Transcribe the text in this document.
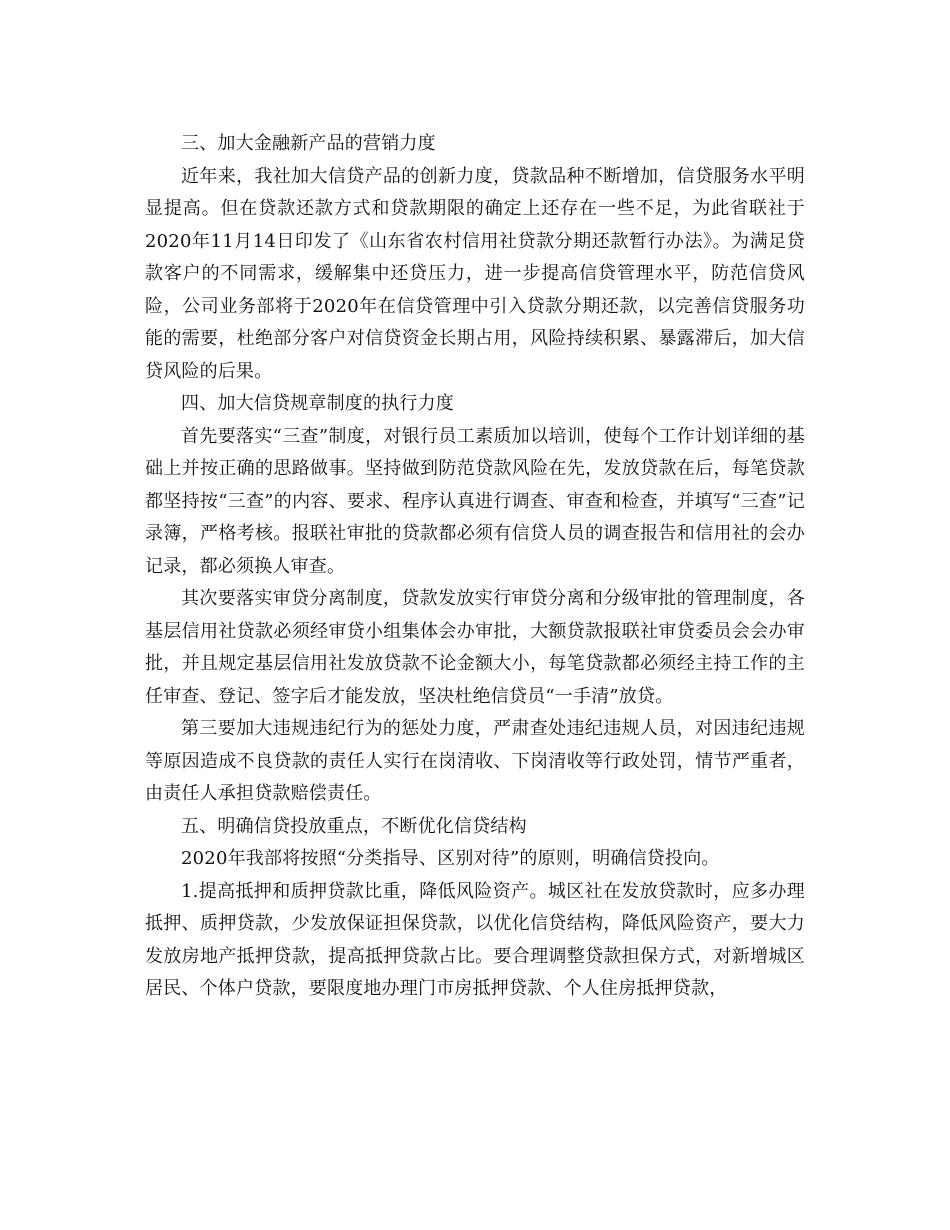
三、加大金融新产品的营销力度

近年来，我社加大信贷产品的创新力度，贷款品种不断增加，信贷服务水平明显提高。但在贷款还款方式和贷款期限的确定上还存在一些不足，为此省联社于2020年11月14日印发了《山东省农村信用社贷款分期还款暂行办法》。为满足贷款客户的不同需求，缓解集中还贷压力，进一步提高信贷管理水平，防范信贷风险，公司业务部将于2020年在信贷管理中引入贷款分期还款，以完善信贷服务功能的需要，杜绝部分客户对信贷资金长期占用，风险持续积累、暴露滞后，加大信贷风险的后果。

四、加大信贷规章制度的执行力度

首先要落实“三查”制度，对银行员工素质加以培训，使每个工作计划详细的基础上并按正确的思路做事。坚持做到防范贷款风险在先，发放贷款在后，每笔贷款都坚持按“三查”的内容、要求、程序认真进行调查、审查和检查，并填写“三查”记录簿，严格考核。报联社审批的贷款都必须有信贷人员的调查报告和信用社的会办记录，都必须换人审查。

其次要落实审贷分离制度，贷款发放实行审贷分离和分级审批的管理制度，各基层信用社贷款必须经审贷小组集体会办审批，大额贷款报联社审贷委员会会办审批，并且规定基层信用社发放贷款不论金额大小，每笔贷款都必须经主持工作的主任审查、登记、签字后才能发放，坚决杜绝信贷员“一手清”放贷。

第三要加大违规违纪行为的惩处力度，严肃查处违纪违规人员，对因违纪违规等原因造成不良贷款的责任人实行在岗清收、下岗清收等行政处罚，情节严重者，由责任人承担贷款赔偿责任。

五、明确信贷投放重点，不断优化信贷结构

2020年我部将按照“分类指导、区别对待”的原则，明确信贷投向。

1.提高抵押和质押贷款比重，降低风险资产。城区社在发放贷款时，应多办理抵押、质押贷款，少发放保证担保贷款，以优化信贷结构，降低风险资产，要大力发放房地产抵押贷款，提高抵押贷款占比。要合理调整贷款担保方式，对新增城区居民、个体户贷款，要限度地办理门市房抵押贷款、个人住房抵押贷款，
